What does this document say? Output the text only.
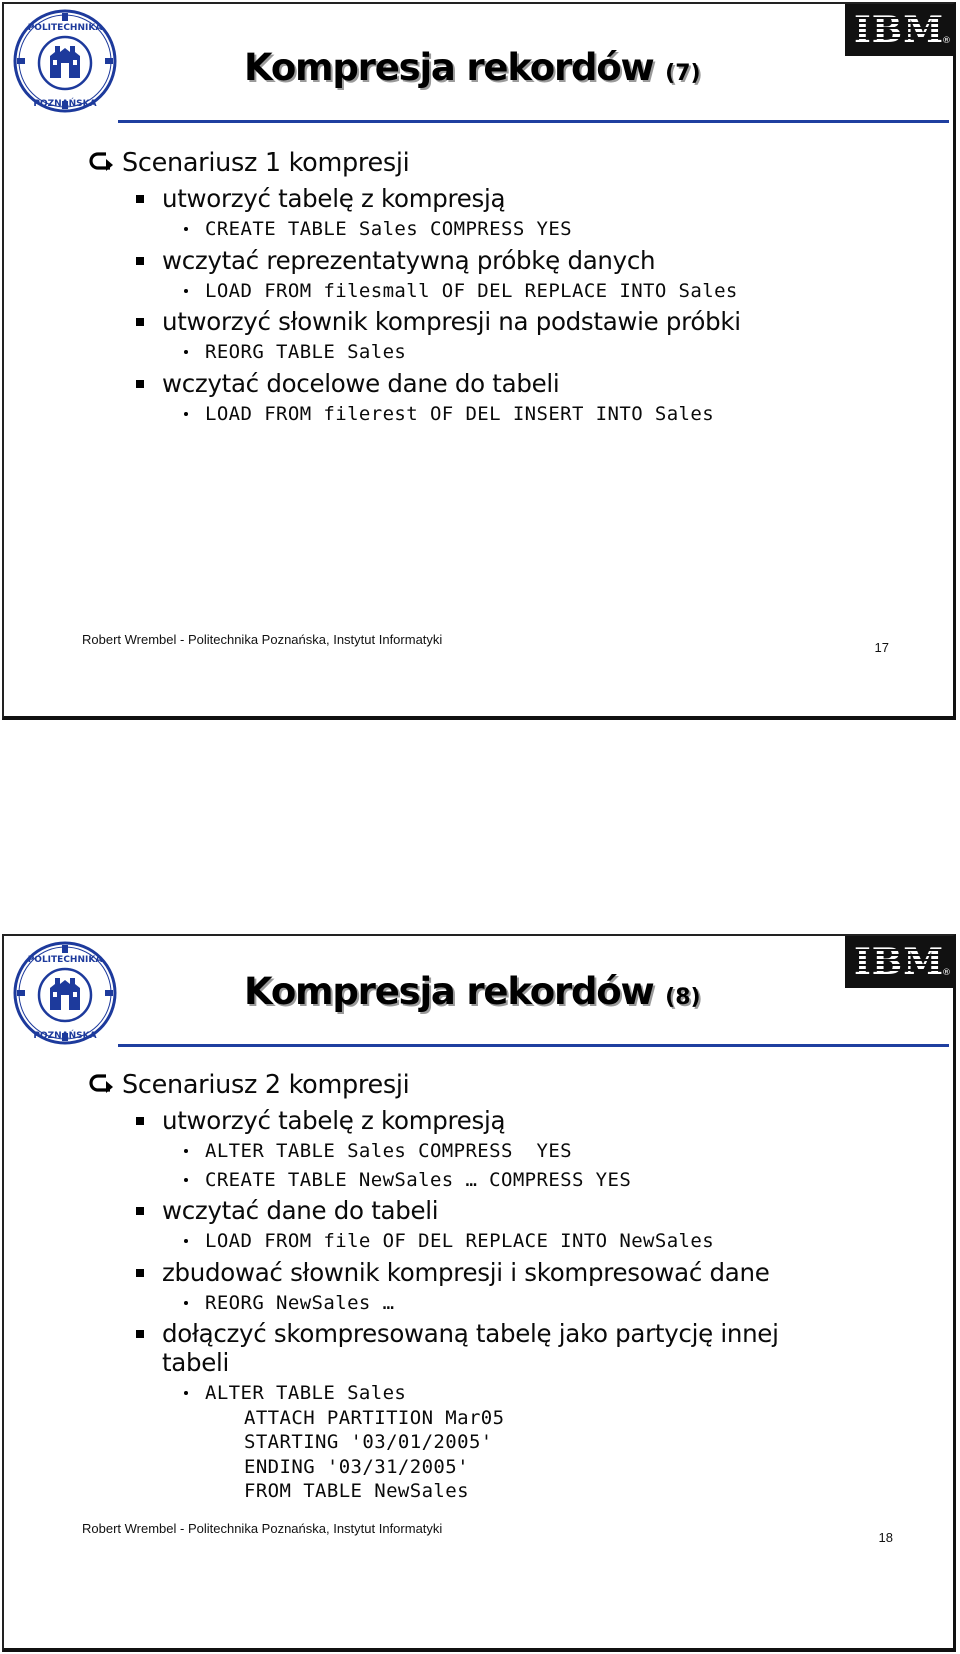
POLITECHNIKA
POZNAŃSKA
IBM
®
Kompresja rekordów (7)
Scenariusz 1 kompresji
utworzyć tabelę z kompresją
CREATE TABLE Sales COMPRESS YES
wczytać reprezentatywną próbkę danych
LOAD FROM filesmall OF DEL REPLACE INTO Sales
utworzyć słownik kompresji na podstawie próbki
REORG TABLE Sales
wczytać docelowe dane do tabeli
LOAD FROM filerest OF DEL INSERT INTO Sales
Robert Wrembel - Politechnika Poznańska, Instytut Informatyki
17
POLITECHNIKA
POZNAŃSKA
IBM
®
Kompresja rekordów (8)
Scenariusz 2 kompresji
utworzyć tabelę z kompresją
ALTER TABLE Sales COMPRESS  YES
CREATE TABLE NewSales … COMPRESS YES
wczytać dane do tabeli
LOAD FROM file OF DEL REPLACE INTO NewSales
zbudować słownik kompresji i skompresować dane
REORG NewSales …
dołączyć skompresowaną tabelę jako partycję innej tabeli
ALTER TABLE Sales
ATTACH PARTITION Mar05
STARTING '03/01/2005'
ENDING '03/31/2005'
FROM TABLE NewSales
Robert Wrembel - Politechnika Poznańska, Instytut Informatyki
18
